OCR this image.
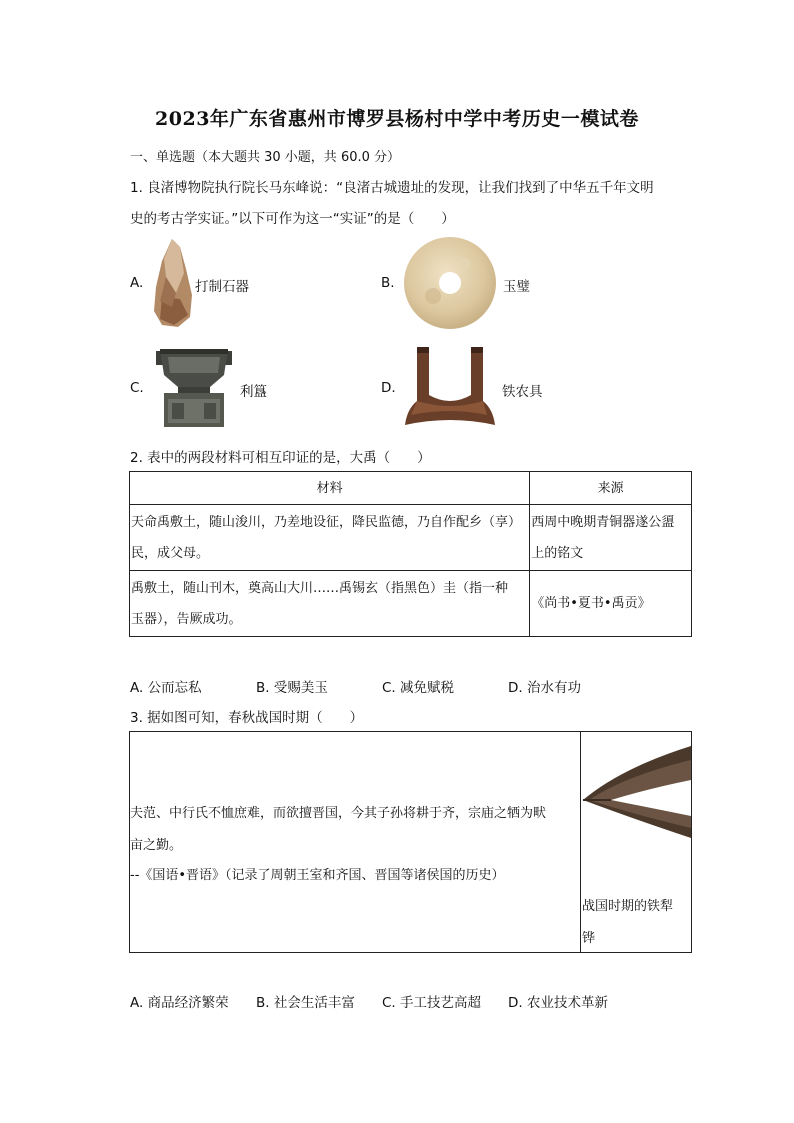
2023年广东省惠州市博罗县杨村中学中考历史一模试卷
一、单选题（本大题共 30 小题，共 60.0 分）
1. 良渚博物院执行院长马东峰说：“良渚古城遗址的发现，让我们找到了中华五千年文明
史的考古学实证。”以下可作为这一“实证”的是（　　）
A.	打制石器	B.	玉璧
C.	利簋	D.	铁农具
2. 表中的两段材料可相互印证的是，大禹（　　）
材料	来源

天命禹敷土，随山浚川，乃差地设征，降民监德，乃自作配乡（享）
民，成父母。	西周中晚期青铜器遂公盨
上的铭文

禹敷土，随山刊木，奠高山大川……禹锡玄（指黑色）圭（指一种
玉器），告厥成功。	《尚书•夏书•禹贡》
A. 公而忘私	B. 受赐美玉	C. 减免赋税	D. 治水有功
3. 据如图可知，春秋战国时期（　　）
夫范、中行氏不恤庶难，而欲擅晋国，今其子孙将耕于齐，宗庙之牺为畎
亩之勤。
--《国语•晋语》（记录了周朝王室和齐国、晋国等诸侯国的历史）
战国时期的铁犁
铧
A. 商品经济繁荣 B. 社会生活丰富 C. 手工技艺高超 D. 农业技术革新
